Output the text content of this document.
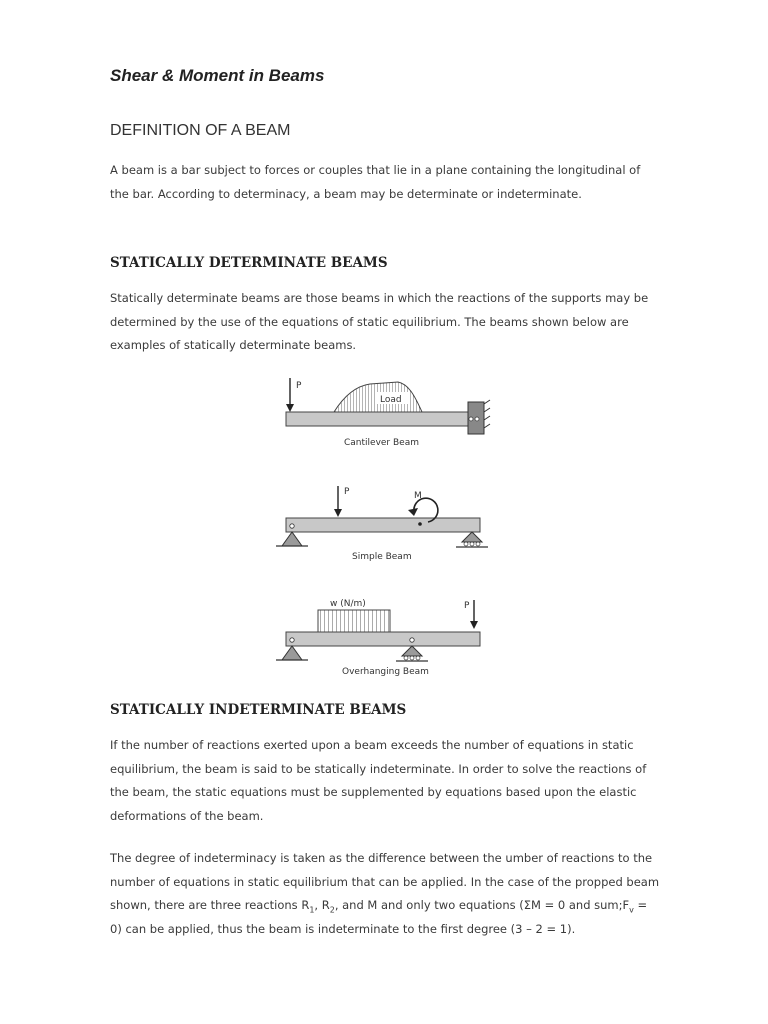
Shear & Moment in Beams
DEFINITION OF A BEAM

A beam is a bar subject to forces or couples that lie in a plane containing the longitudinal of the bar. According to determinacy, a beam may be determinate or indeterminate.

STATICALLY DETERMINATE BEAMS

Statically determinate beams are those beams in which the reactions of the supports may be determined by the use of the equations of static equilibrium. The beams shown below are examples of statically determinate beams.

STATICALLY INDETERMINATE BEAMS

If the number of reactions exerted upon a beam exceeds the number of equations in static equilibrium, the beam is said to be statically indeterminate. In order to solve the reactions of the beam, the static equations must be supplemented by equations based upon the elastic deformations of the beam.

The degree of indeterminacy is taken as the difference between the umber of reactions to the number of equations in static equilibrium that can be applied. In the case of the propped beam shown, there are three reactions $R_1$, $R_2$, and M and only two equations (ΣM = 0 and $sum;F_v = 0$) can be applied, thus the beam is indeterminate to the first degree (3 – 2 = 1).

P
Load
Cantilever Beam
P	M
Simple Beam
w (N/m)	P
Overhanging Beam
